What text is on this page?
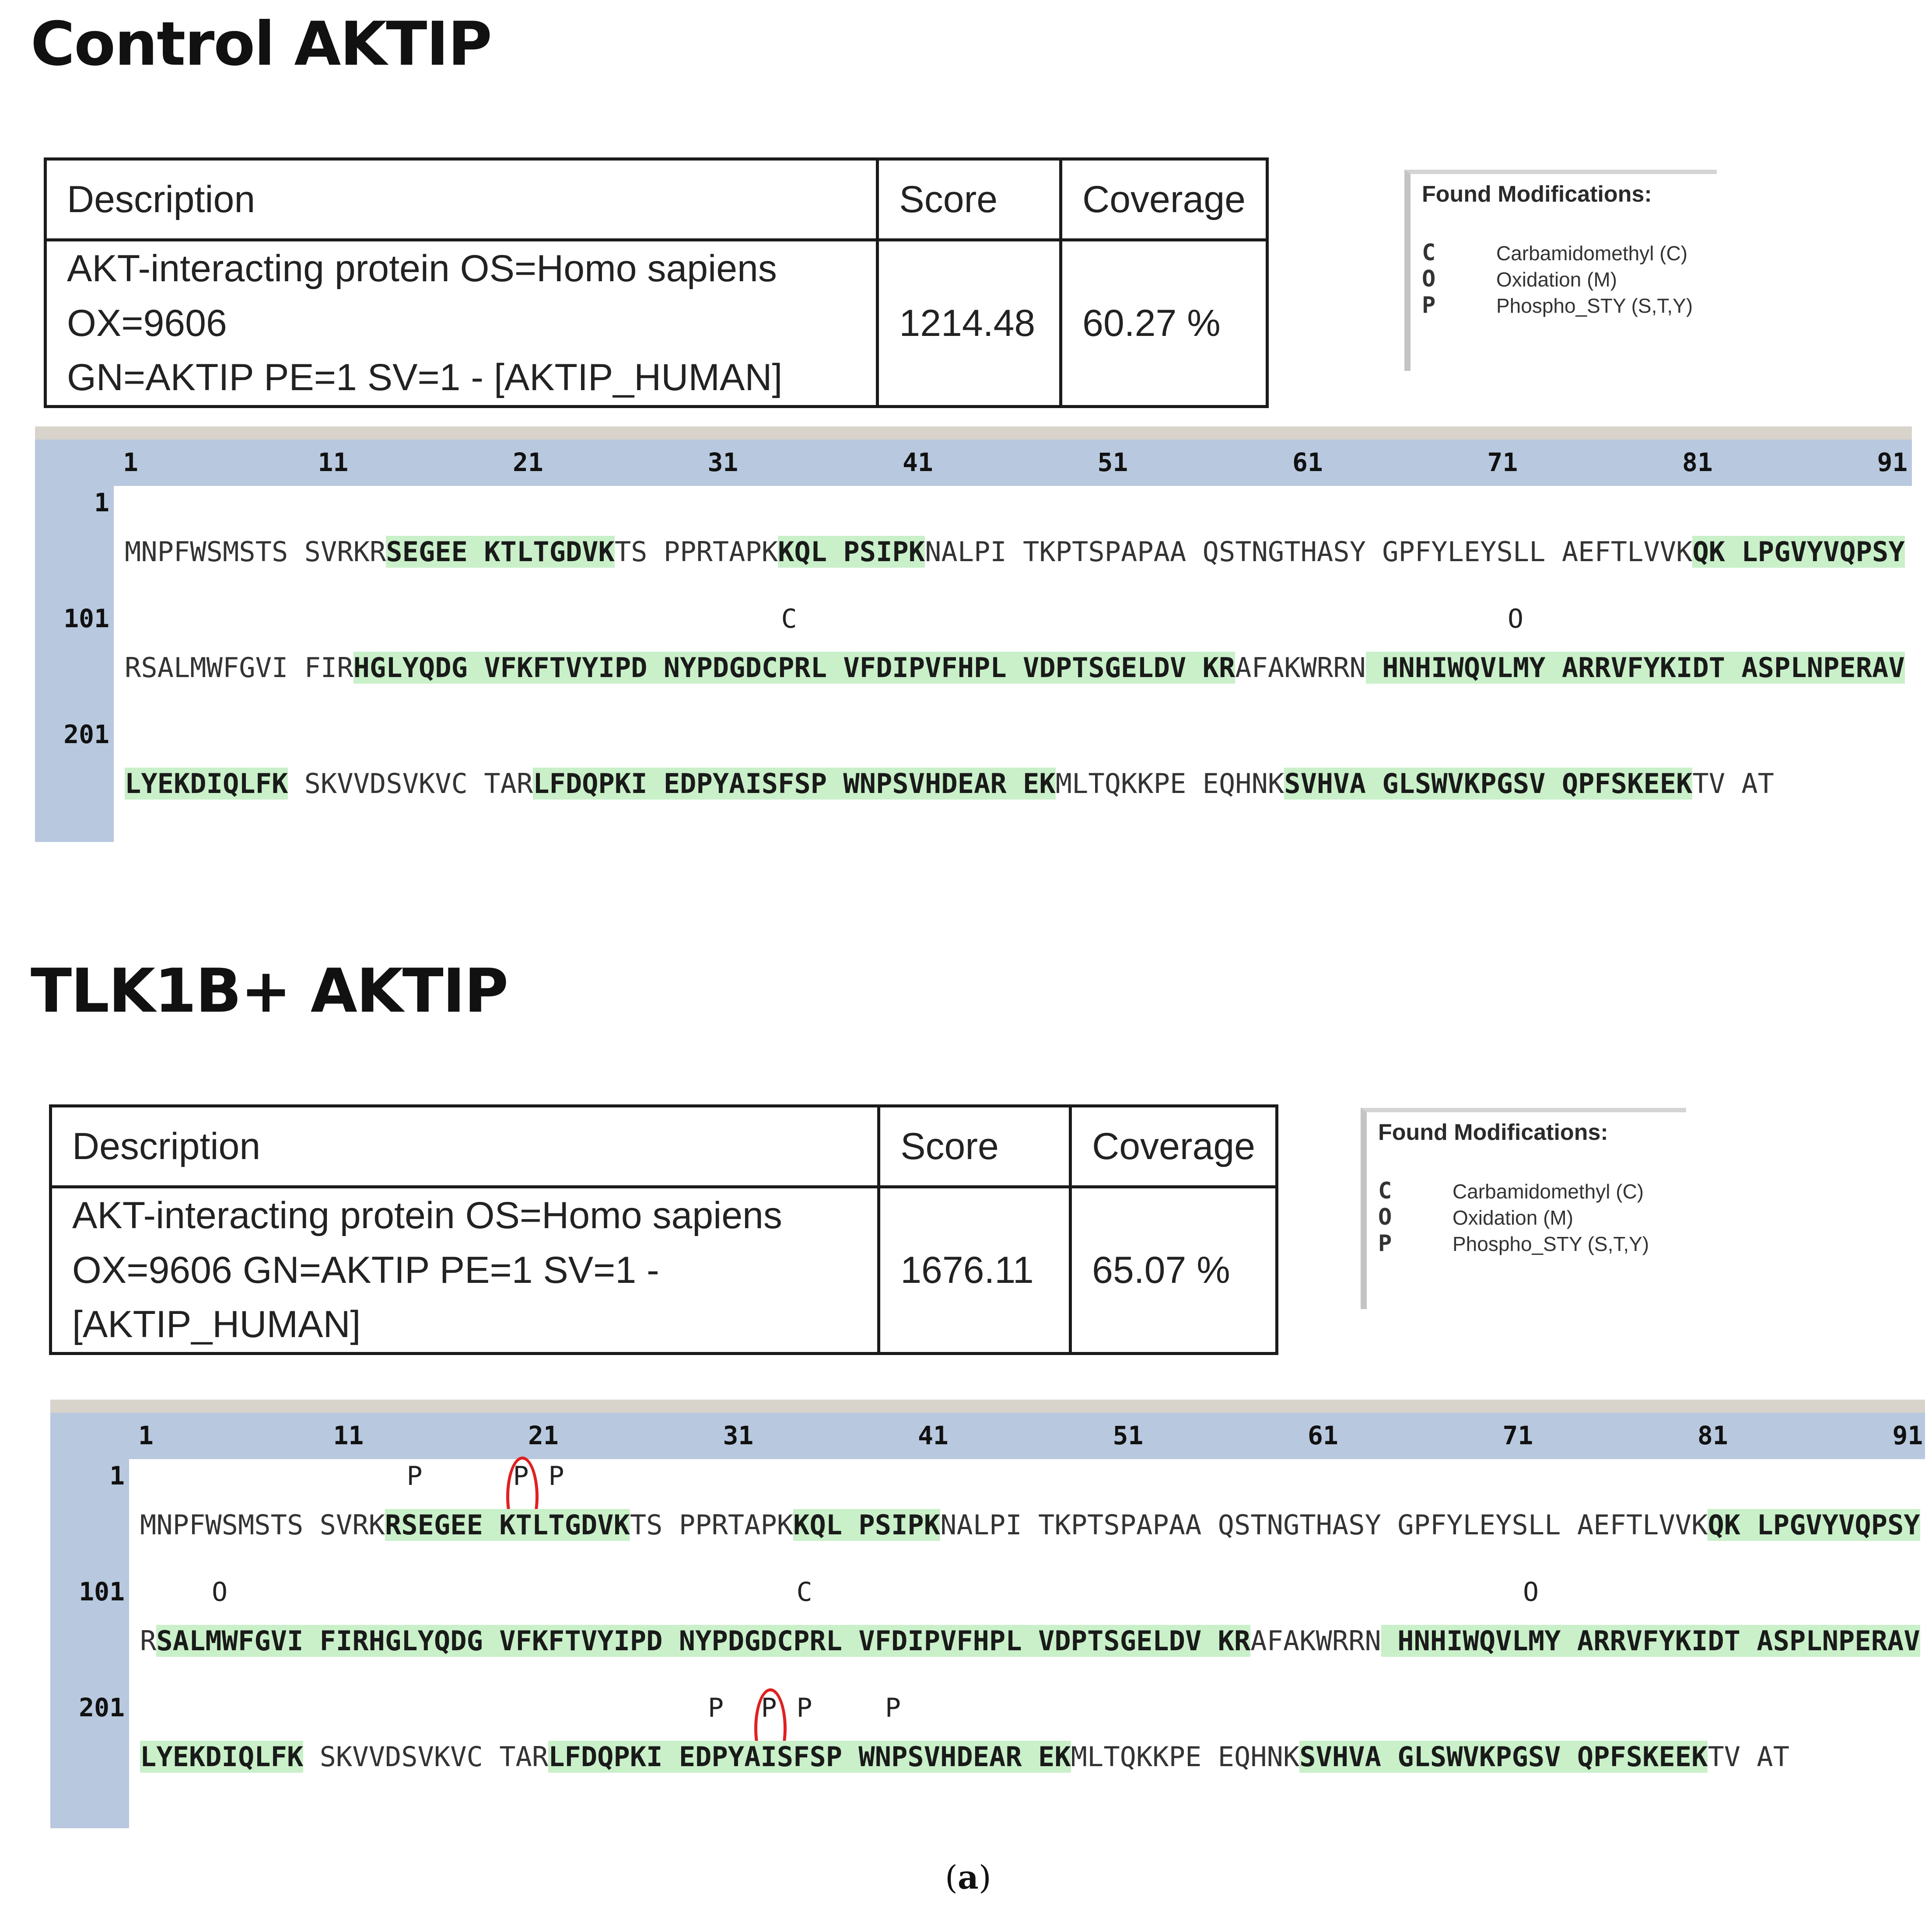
Control AKTIP
Description	Score	Coverage

AKT-interacting protein OS=Homo sapiens OX=9606
GN=AKTIP PE=1 SV=1 - [AKTIP_HUMAN]	1214.48	60.27 %
Found Modifications:
C	Carbamidomethyl (C)
O	Oxidation (M)
P	Phospho_STY (S,T,Y)
1	11	21	31	41	51	61	71	81	91
1
MNPFWSMSTS SVRKRSEGEE KTLTGDVKTS PPRTAPKKQL PSIPKNALPI TKPTSPAPAA QSTNGTHASY GPFYLEYSLL AEFTLVVKQK LPGVYVQPSY
101	C	O
RSALMWFGVI FIRHGLYQDG VFKFTVYIPD NYPDGDCPRL VFDIPVFHPL VDPTSGELDV KRAFAKWRRN HNHIWQVLMY ARRVFYKIDT ASPLNPERAV
201
LYEKDIQLFK SKVVDSVKVC TARLFDQPKI EDPYAISFSP WNPSVHDEAR EKMLTQKKPE EQHNKSVHVA GLSWVKPGSV QPFSKEEKTV AT
TLK1B+ AKTIP
Description	Score	Coverage

AKT-interacting protein OS=Homo sapiens
OX=9606 GN=AKTIP PE=1 SV=1 - [AKTIP_HUMAN]	1676.11	65.07 %
Found Modifications:
C	Carbamidomethyl (C)
O	Oxidation (M)
P	Phospho_STY (S,T,Y)
1	11	21	31	41	51	61	71	81	91
1	P	P P
MNPFWSMSTS SVRKRSEGEE KTLTGDVKTS PPRTAPKKQL PSIPKNALPI TKPTSPAPAA QSTNGTHASY GPFYLEYSLL AEFTLVVKQK LPGVYVQPSY
101	O	C	O
RSALMWFGVI FIRHGLYQDG VFKFTVYIPD NYPDGDCPRL VFDIPVFHPL VDPTSGELDV KRAFAKWRRN HNHIWQVLMY ARRVFYKIDT ASPLNPERAV
201	P P P	P
LYEKDIQLFK SKVVDSVKVC TARLFDQPKI EDPYAISFSP WNPSVHDEAR EKMLTQKKPE EQHNKSVHVA GLSWVKPGSV QPFSKEEKTV AT
(a)
